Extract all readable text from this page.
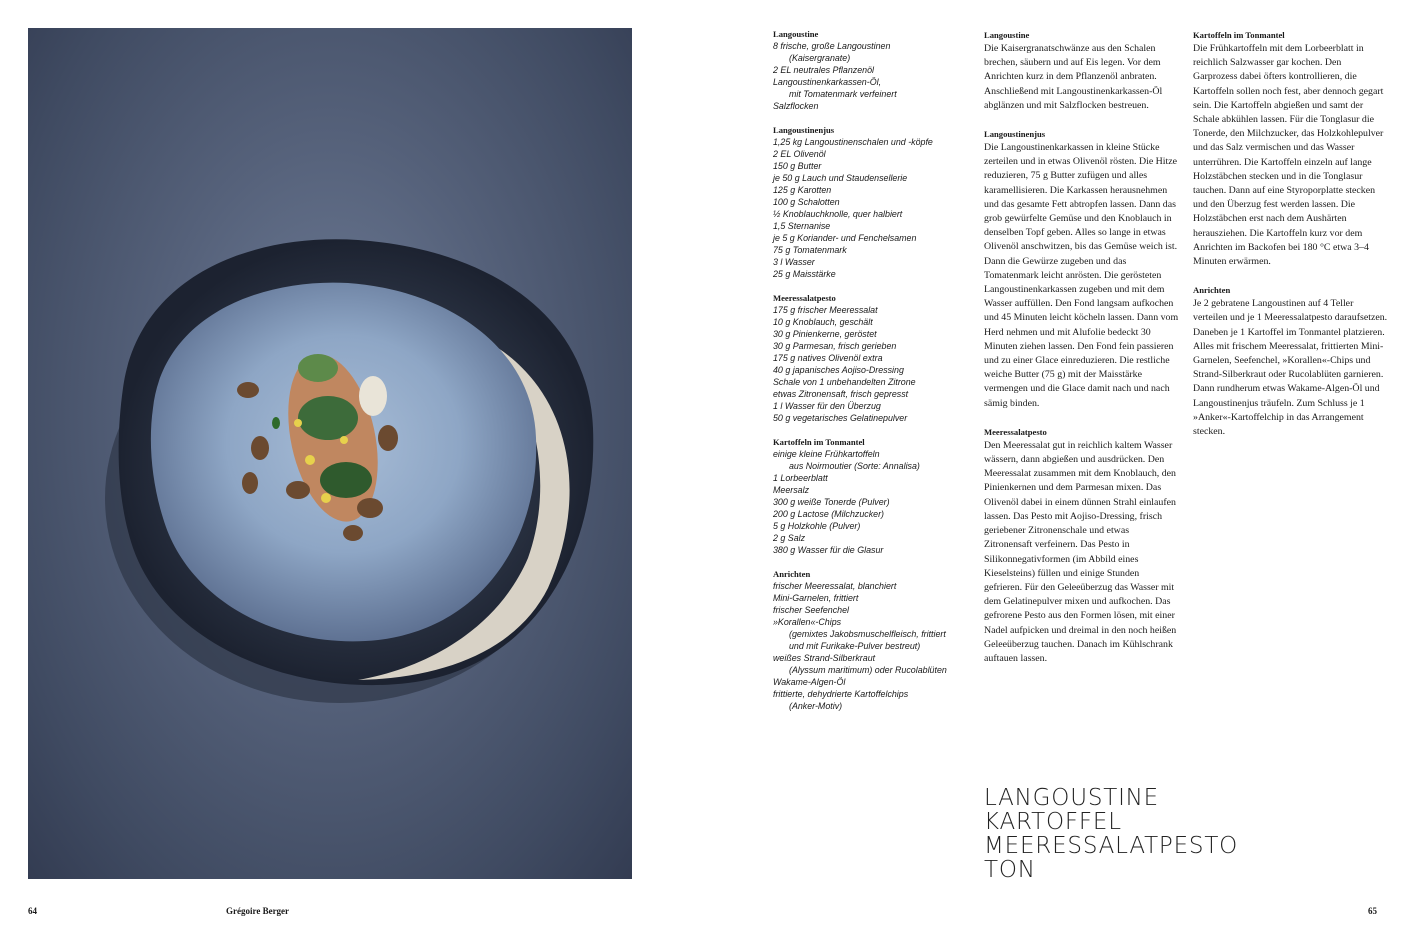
64	Grégoire Berger	65
Langoustine
8 frische, große Langoustinen
(Kaisergranate)
2 EL neutrales Pflanzenöl
Langoustinenkarkassen-Öl,
mit Tomatenmark verfeinert
Salzflocken
Langoustinenjus
1,25 kg Langoustinenschalen und -köpfe
2 EL Olivenöl
150 g Butter
je 50 g Lauch und Staudensellerie
125 g Karotten
100 g Schalotten
½ Knoblauchknolle, quer halbiert
1,5 Sternanise
je 5 g Koriander- und Fenchelsamen
75 g Tomatenmark
3 l Wasser
25 g Maisstärke
Meeressalatpesto
175 g frischer Meeressalat
10 g Knoblauch, geschält
30 g Pinienkerne, geröstet
30 g Parmesan, frisch gerieben
175 g natives Olivenöl extra
40 g japanisches Aojiso-Dressing
Schale von 1 unbehandelten Zitrone
etwas Zitronensaft, frisch gepresst
1 l Wasser für den Überzug
50 g vegetarisches Gelatinepulver
Kartoffeln im Tonmantel
einige kleine Frühkartoffeln
aus Noirmoutier (Sorte: Annalisa)
1 Lorbeerblatt
Meersalz
300 g weiße Tonerde (Pulver)
200 g Lactose (Milchzucker)
5 g Holzkohle (Pulver)
2 g Salz
380 g Wasser für die Glasur
Anrichten
frischer Meeressalat, blanchiert
Mini-Garnelen, frittiert
frischer Seefenchel
»Korallen«-Chips
(gemixtes Jakobsmuschelfleisch, frittiert
und mit Furikake-Pulver bestreut)
weißes Strand-Silberkraut
(Alyssum maritimum) oder Rucolablüten
Wakame-Algen-Öl
frittierte, dehydrierte Kartoffelchips
(Anker-Motiv)
Langoustine

Die Kaisergranatschwänze aus den Schalen brechen, säubern und auf Eis legen. Vor dem Anrichten kurz in dem Pflanzenöl anbraten. Anschließend mit Langoustinenkarkassen-Öl abglänzen und mit Salzflocken bestreuen.

Langoustinenjus

Die Langoustinenkarkassen in kleine Stücke zerteilen und in etwas Olivenöl rösten. Die Hitze reduzieren, 75 g Butter zufügen und alles karamellisieren. Die Karkassen herausnehmen und das gesamte Fett abtropfen lassen. Dann das grob gewürfelte Gemüse und den Knoblauch in denselben Topf geben. Alles so lange in etwas Olivenöl anschwitzen, bis das Gemüse weich ist. Dann die Gewürze zugeben und das Tomatenmark leicht anrösten. Die gerösteten Langoustinenkarkassen zugeben und mit dem Wasser auffüllen. Den Fond langsam aufkochen und 45 Minuten leicht köcheln lassen. Dann vom Herd nehmen und mit Alufolie bedeckt 30 Minuten ziehen lassen. Den Fond fein passieren und zu einer Glace einreduzieren. Die restliche weiche Butter (75 g) mit der Maisstärke vermengen und die Glace damit nach und nach sämig binden.

Meeressalatpesto

Den Meeressalat gut in reichlich kaltem Wasser wässern, dann abgießen und ausdrücken. Den Meeressalat zusammen mit dem Knoblauch, den Pinienkernen und dem Parmesan mixen. Das Olivenöl dabei in einem dünnen Strahl einlaufen lassen. Das Pesto mit Aojiso-Dressing, frisch geriebener Zitronenschale und etwas Zitronensaft verfeinern. Das Pesto in Silikonnegativformen (im Abbild eines Kieselsteins) füllen und einige Stunden gefrieren. Für den Geleeüberzug das Wasser mit dem Gelatinepulver mixen und aufkochen. Das gefrorene Pesto aus den Formen lösen, mit einer Nadel aufpicken und dreimal in den noch heißen Geleeüberzug tauchen. Danach im Kühlschrank auftauen lassen.

Kartoffeln im Tonmantel

Die Frühkartoffeln mit dem Lorbeerblatt in reichlich Salzwasser gar kochen. Den Garprozess dabei öfters kontrollieren, die Kartoffeln sollen noch fest, aber dennoch gegart sein. Die Kartoffeln abgießen und samt der Schale abkühlen lassen. Für die Tonglasur die Tonerde, den Milchzucker, das Holzkohlepulver und das Salz vermischen und das Wasser unterrühren. Die Kartoffeln einzeln auf lange Holzstäbchen stecken und in die Tonglasur tauchen. Dann auf eine Styroporplatte stecken und den Überzug fest werden lassen. Die Holzstäbchen erst nach dem Aushärten herausziehen. Die Kartoffeln kurz vor dem Anrichten im Backofen bei 180 °C etwa 3–4 Minuten erwärmen.

Anrichten

Je 2 gebratene Langoustinen auf 4 Teller verteilen und je 1 Meeressalatpesto daraufsetzen. Daneben je 1 Kartoffel im Tonmantel platzieren. Alles mit frischem Meeressalat, frittierten Mini-Garnelen, Seefenchel, »Korallen«-Chips und Strand-Silberkraut oder Rucolablüten garnieren. Dann rundherum etwas Wakame-Algen-Öl und Langoustinenjus träufeln. Zum Schluss je 1 »Anker«-Kartoffelchip in das Arrangement stecken.

LANGOUSTINE
KARTOFFEL
MEERESSALATPESTO
TON
